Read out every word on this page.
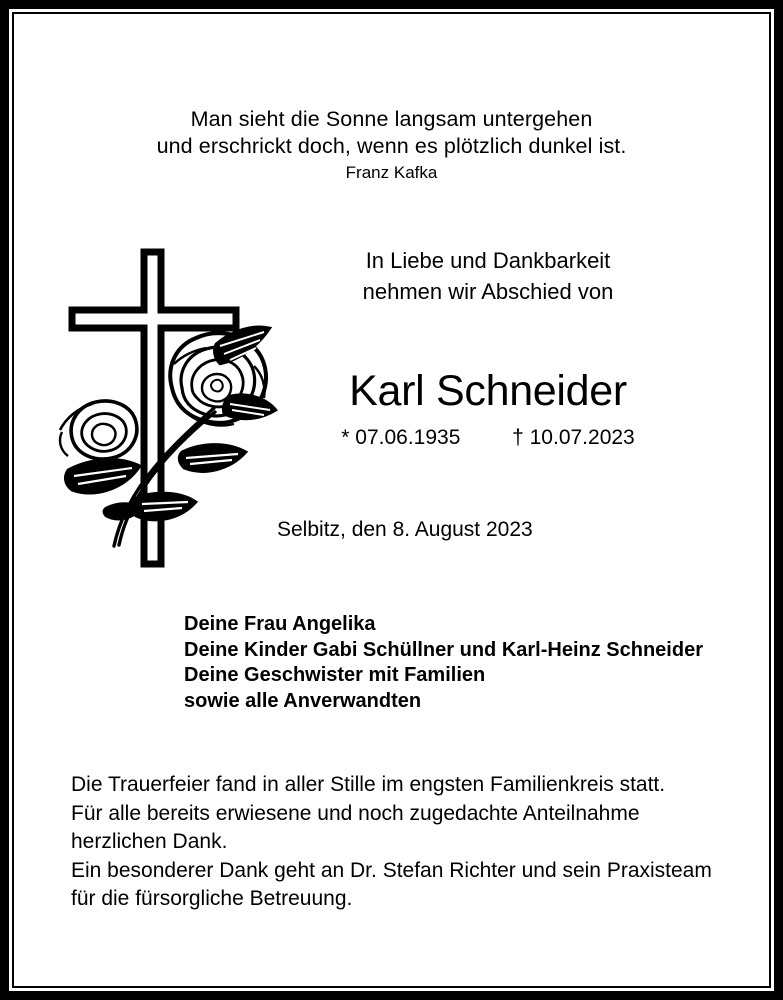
Man sieht die Sonne langsam untergehen
und erschrickt doch, wenn es plötzlich dunkel ist.
Franz Kafka
In Liebe und Dankbarkeit
nehmen wir Abschied von
Karl Schneider
* 07.06.1935 † 10.07.2023
Selbitz, den 8. August 2023
Deine Frau Angelika
Deine Kinder Gabi Schüllner und Karl-Heinz Schneider
Deine Geschwister mit Familien
sowie alle Anverwandten
Die Trauerfeier fand in aller Stille im engsten Familienkreis statt.
Für alle bereits erwiesene und noch zugedachte Anteilnahme
herzlichen Dank.
Ein besonderer Dank geht an Dr. Stefan Richter und sein Praxisteam
für die fürsorgliche Betreuung.
